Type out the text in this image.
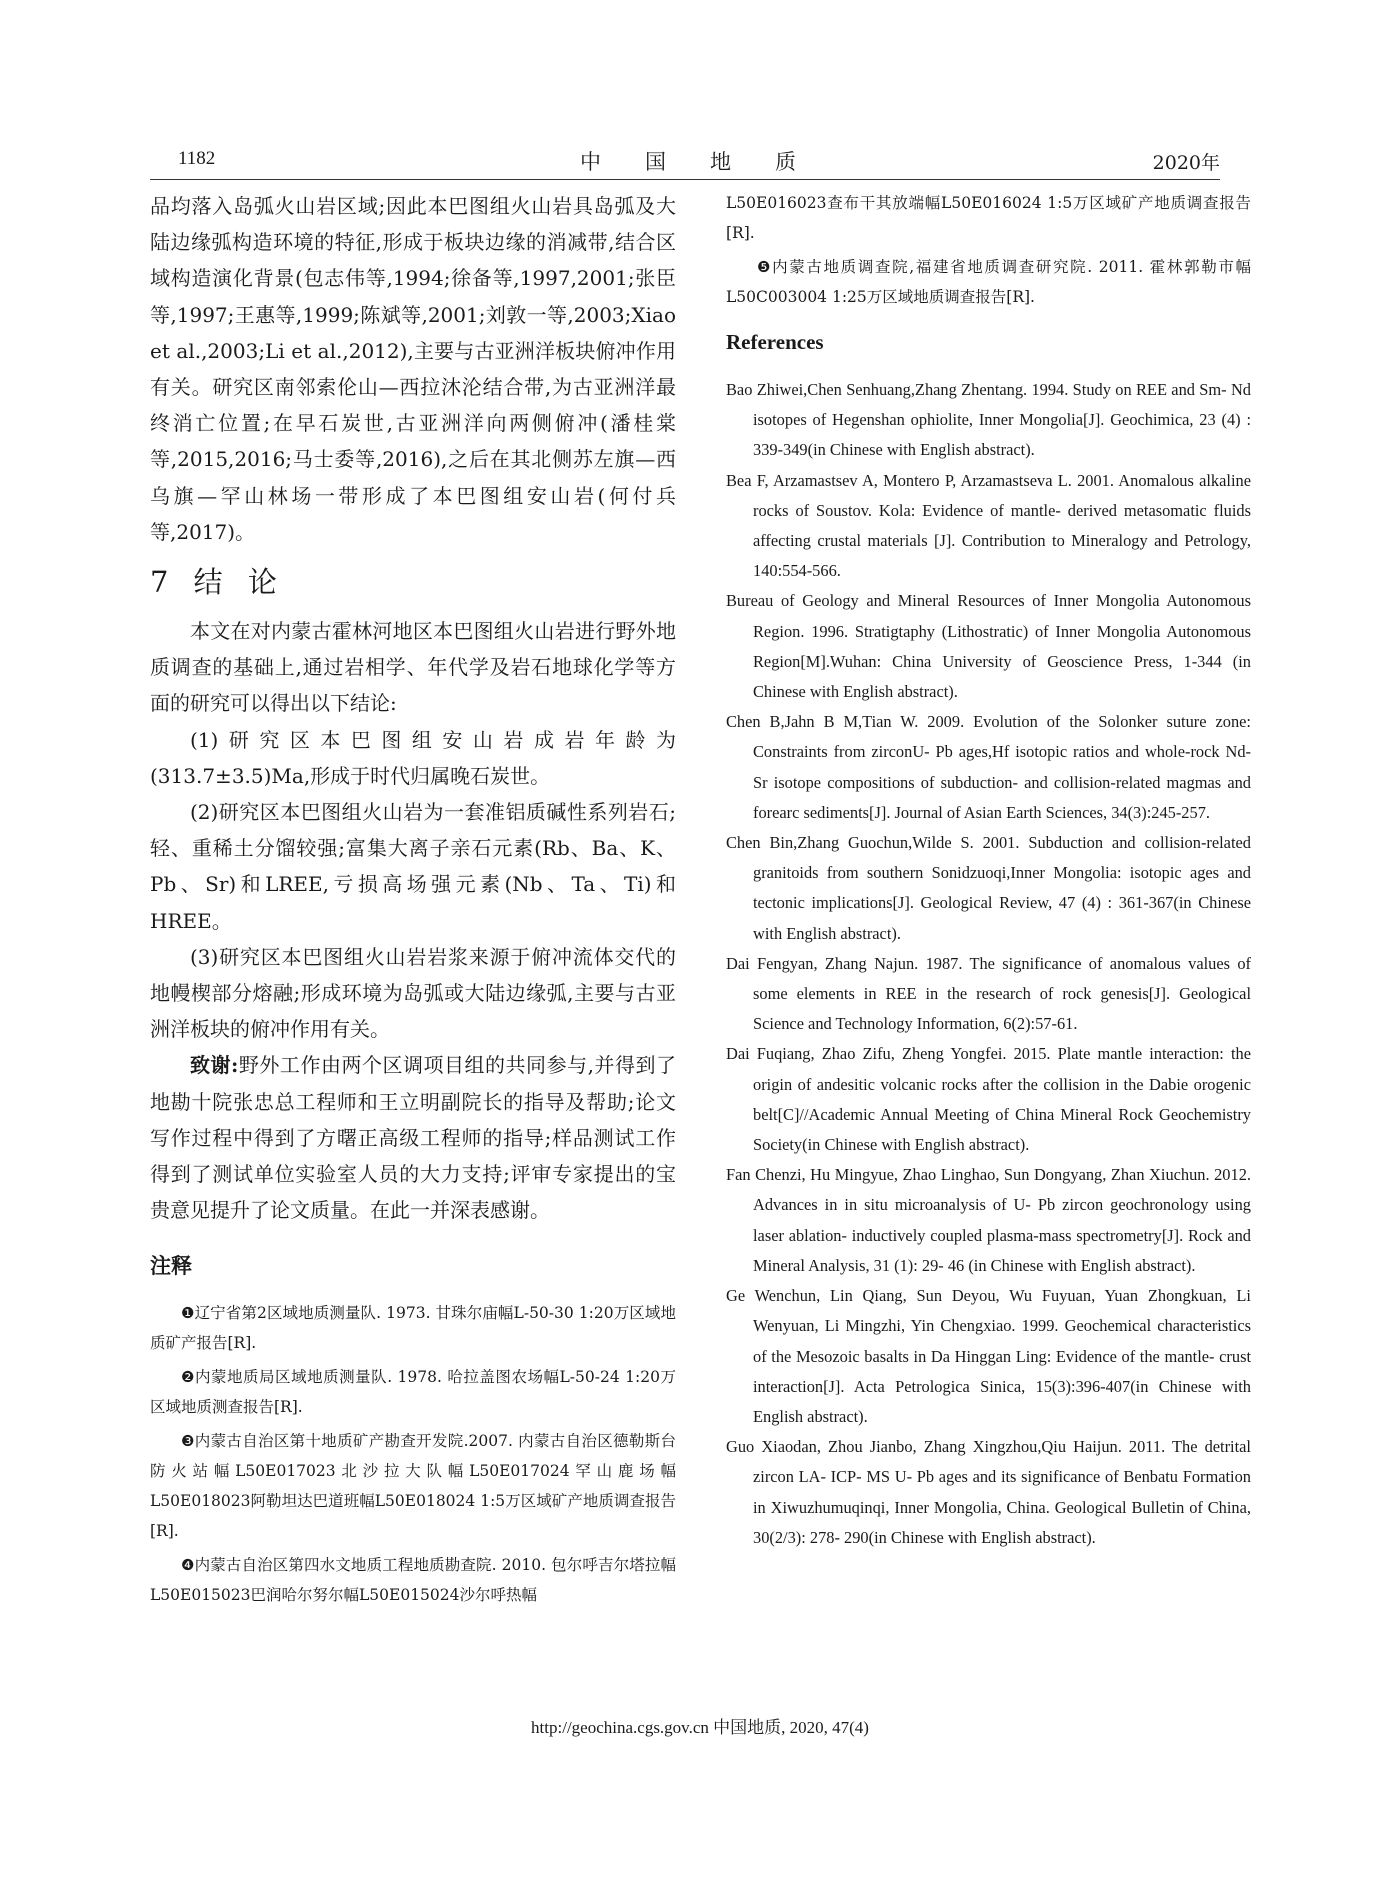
1182	中国地质	2020年

品均落入岛弧火山岩区域;因此本巴图组火山岩具岛弧及大陆边缘弧构造环境的特征,形成于板块边缘的消减带,结合区域构造演化背景(包志伟等,1994;徐备等,1997,2001;张臣等,1997;王惠等,1999;陈斌等,2001;刘敦一等,2003;Xiao et al.,2003;Li et al.,2012),主要与古亚洲洋板块俯冲作用有关。研究区南邻索伦山—西拉沐沦结合带,为古亚洲洋最终消亡位置;在早石炭世,古亚洲洋向两侧俯冲(潘桂棠等,2015,2016;马士委等,2016),之后在其北侧苏左旗—西乌旗—罕山林场一带形成了本巴图组安山岩(何付兵等,2017)。

7 结 论

本文在对内蒙古霍林河地区本巴图组火山岩进行野外地质调查的基础上,通过岩相学、年代学及岩石地球化学等方面的研究可以得出以下结论:

(1)研究区本巴图组安山岩成岩年龄为(313.7±3.5)Ma,形成于时代归属晚石炭世。

(2)研究区本巴图组火山岩为一套准铝质碱性系列岩石;轻、重稀土分馏较强;富集大离子亲石元素(Rb、Ba、K、Pb、Sr)和LREE,亏损高场强元素(Nb、Ta、Ti)和HREE。

(3)研究区本巴图组火山岩岩浆来源于俯冲流体交代的地幔楔部分熔融;形成环境为岛弧或大陆边缘弧,主要与古亚洲洋板块的俯冲作用有关。

致谢:野外工作由两个区调项目组的共同参与,并得到了地勘十院张忠总工程师和王立明副院长的指导及帮助;论文写作过程中得到了方曙正高级工程师的指导;样品测试工作得到了测试单位实验室人员的大力支持;评审专家提出的宝贵意见提升了论文质量。在此一并深表感谢。

注释

❶辽宁省第2区域地质测量队. 1973. 甘珠尔庙幅L-50-30 1:20万区域地质矿产报告[R].

❷内蒙地质局区域地质测量队. 1978. 哈拉盖图农场幅L-50-24 1:20万区域地质测查报告[R].

❸内蒙古自治区第十地质矿产勘查开发院.2007. 内蒙古自治区德勒斯台防火站幅L50E017023北沙拉大队幅L50E017024罕山鹿场幅L50E018023阿勒坦达巴道班幅L50E018024 1:5万区域矿产地质调查报告[R].

❹内蒙古自治区第四水文地质工程地质勘查院. 2010. 包尔呼吉尔塔拉幅L50E015023巴润哈尔努尔幅L50E015024沙尔呼热幅

L50E016023查布干其放端幅L50E016024 1:5万区域矿产地质调查报告[R].

❺内蒙古地质调查院,福建省地质调查研究院. 2011. 霍林郭勒市幅L50C003004 1:25万区域地质调查报告[R].

References

Bao Zhiwei,Chen Senhuang,Zhang Zhentang. 1994. Study on REE and Sm- Nd isotopes of Hegenshan ophiolite, Inner Mongolia[J]. Geochimica, 23 (4) : 339-349(in Chinese with English abstract).

Bea F, Arzamastsev A, Montero P, Arzamastseva L. 2001. Anomalous alkaline rocks of Soustov. Kola: Evidence of mantle- derived metasomatic fluids affecting crustal materials [J]. Contribution to Mineralogy and Petrology, 140:554-566.

Bureau of Geology and Mineral Resources of Inner Mongolia Autonomous Region. 1996. Stratigtaphy (Lithostratic) of Inner Mongolia Autonomous Region[M].Wuhan: China University of Geoscience Press, 1-344 (in Chinese with English abstract).

Chen B,Jahn B M,Tian W. 2009. Evolution of the Solonker suture zone: Constraints from zirconU- Pb ages,Hf isotopic ratios and whole-rock Nd- Sr isotope compositions of subduction- and collision-related magmas and forearc sediments[J]. Journal of Asian Earth Sciences, 34(3):245-257.

Chen Bin,Zhang Guochun,Wilde S. 2001. Subduction and collision-related granitoids from southern Sonidzuoqi,Inner Mongolia: isotopic ages and tectonic implications[J]. Geological Review, 47 (4) : 361-367(in Chinese with English abstract).

Dai Fengyan, Zhang Najun. 1987. The significance of anomalous values of some elements in REE in the research of rock genesis[J]. Geological Science and Technology Information, 6(2):57-61.

Dai Fuqiang, Zhao Zifu, Zheng Yongfei. 2015. Plate mantle interaction: the origin of andesitic volcanic rocks after the collision in the Dabie orogenic belt[C]//Academic Annual Meeting of China Mineral Rock Geochemistry Society(in Chinese with English abstract).

Fan Chenzi, Hu Mingyue, Zhao Linghao, Sun Dongyang, Zhan Xiuchun. 2012. Advances in in situ microanalysis of U- Pb zircon geochronology using laser ablation- inductively coupled plasma-mass spectrometry[J]. Rock and Mineral Analysis, 31 (1): 29- 46 (in Chinese with English abstract).

Ge Wenchun, Lin Qiang, Sun Deyou, Wu Fuyuan, Yuan Zhongkuan, Li Wenyuan, Li Mingzhi, Yin Chengxiao. 1999. Geochemical characteristics of the Mesozoic basalts in Da Hinggan Ling: Evidence of the mantle- crust interaction[J]. Acta Petrologica Sinica, 15(3):396-407(in Chinese with English abstract).

Guo Xiaodan, Zhou Jianbo, Zhang Xingzhou,Qiu Haijun. 2011. The detrital zircon LA- ICP- MS U- Pb ages and its significance of Benbatu Formation in Xiwuzhumuqinqi, Inner Mongolia, China. Geological Bulletin of China, 30(2/3): 278- 290(in Chinese with English abstract).

http://geochina.cgs.gov.cn 中国地质, 2020, 47(4)
